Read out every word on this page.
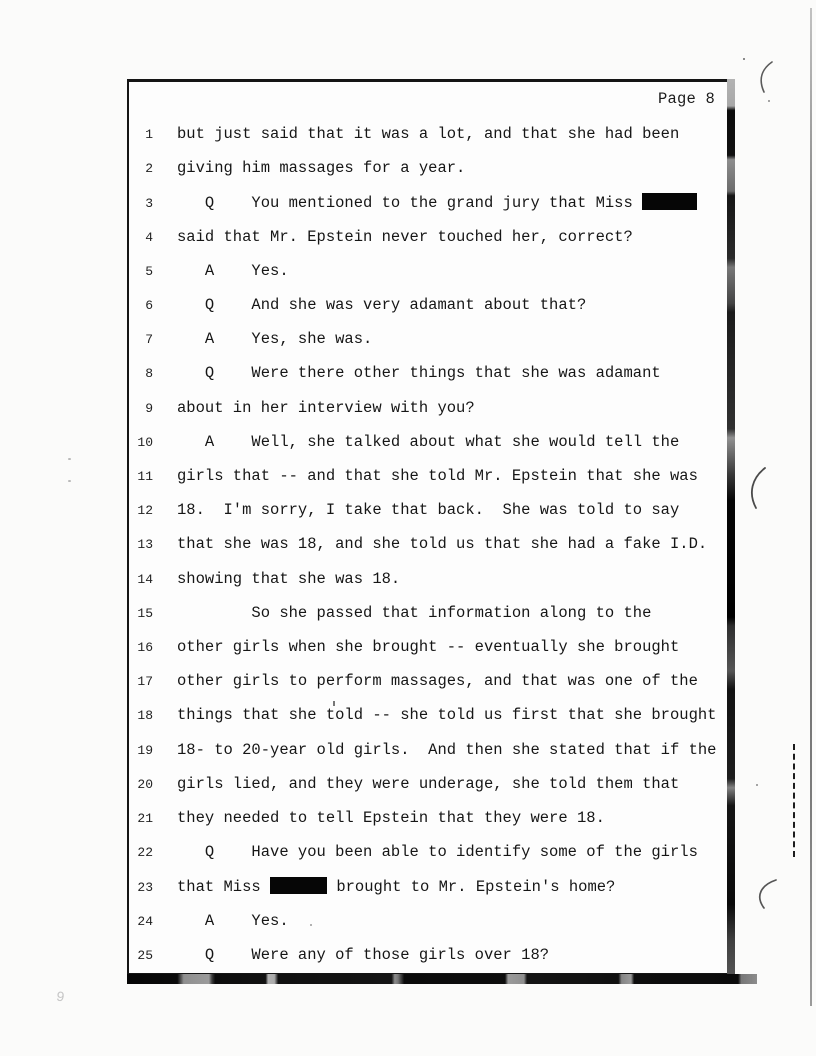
Page 8
1 but just said that it was a lot, and that she had been
2 giving him massages for a year.
3 Q    You mentioned to the grand jury that Miss
4 said that Mr. Epstein never touched her, correct?
5 A    Yes.
6 Q    And she was very adamant about that?
7 A    Yes, she was.
8 Q    Were there other things that she was adamant
9 about in her interview with you?
10 A    Well, she talked about what she would tell the
11 girls that -- and that she told Mr. Epstein that she was
12 18.  I'm sorry, I take that back.  She was told to say
13 that she was 18, and she told us that she had a fake I.D.
14 showing that she was 18.
15 So she passed that information along to the
16 other girls when she brought -- eventually she brought
17 other girls to perform massages, and that was one of the
18 things that she told -- she told us first that she brought
19 18- to 20-year old girls.  And then she stated that if the
20 girls lied, and they were underage, she told them that
21 they needed to tell Epstein that they were 18.
22 Q    Have you been able to identify some of the girls
23 that Miss	brought to Mr. Epstein's home?
24 A    Yes.
25 Q    Were any of those girls over 18?
9
